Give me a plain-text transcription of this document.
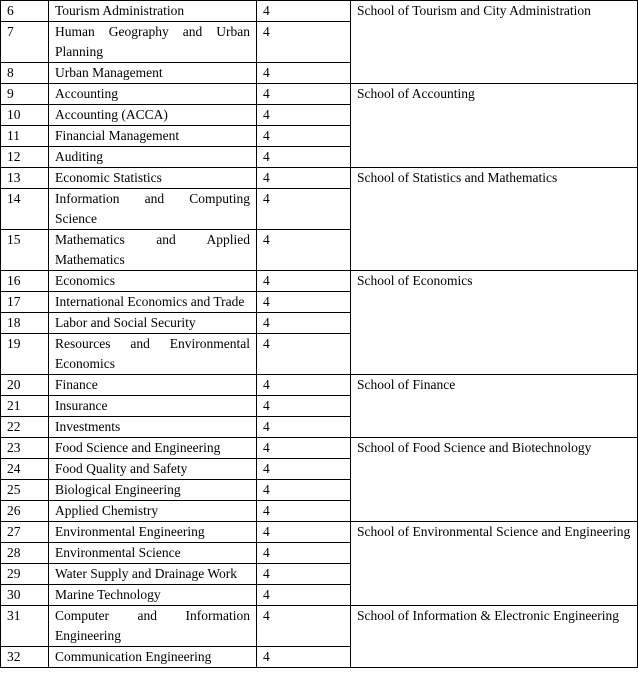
6	Tourism Administration	4	School of Tourism and City Administration
7	Human Geography and Urban Planning	4	
8	Urban Management	4	
9	Accounting	4	School of Accounting
10	Accounting (ACCA)	4	
11	Financial Management	4	
12	Auditing	4	
13	Economic Statistics	4	School of Statistics and Mathematics
14	Information and Computing Science	4	
15	Mathematics and Applied Mathematics	4	
16	Economics	4	School of Economics
17	International Economics and Trade	4	
18	Labor and Social Security	4	
19	Resources and Environmental Economics	4	
20	Finance	4	School of Finance
21	Insurance	4	
22	Investments	4	
23	Food Science and Engineering	4	School of Food Science and Biotechnology
24	Food Quality and Safety	4	
25	Biological Engineering	4	
26	Applied Chemistry	4	
27	Environmental Engineering	4	School of Environmental Science and Engineering
28	Environmental Science	4	
29	Water Supply and Drainage Work	4	
30	Marine Technology	4	
31	Computer and Information Engineering	4	School of Information & Electronic Engineering
32	Communication Engineering	4	
